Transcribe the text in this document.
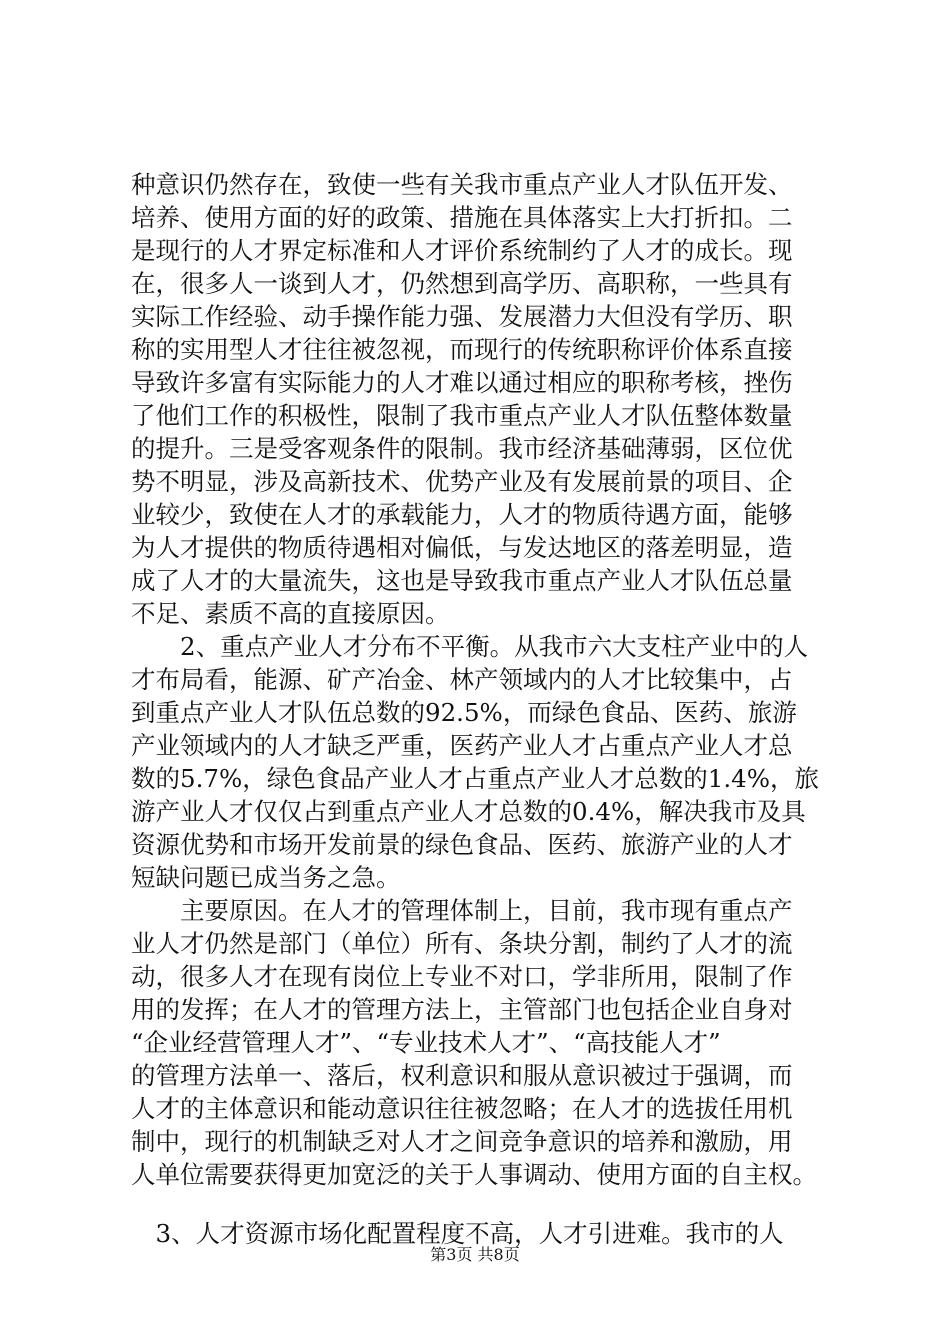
种意识仍然存在，致使一些有关我市重点产业人才队伍开发、
培养、使用方面的好的政策、措施在具体落实上大打折扣。二
是现行的人才界定标准和人才评价系统制约了人才的成长。现
在，很多人一谈到人才，仍然想到高学历、高职称，一些具有
实际工作经验、动手操作能力强、发展潜力大但没有学历、职
称的实用型人才往往被忽视，而现行的传统职称评价体系直接
导致许多富有实际能力的人才难以通过相应的职称考核，挫伤
了他们工作的积极性，限制了我市重点产业人才队伍整体数量
的提升。三是受客观条件的限制。我市经济基础薄弱，区位优
势不明显，涉及高新技术、优势产业及有发展前景的项目、企
业较少，致使在人才的承载能力，人才的物质待遇方面，能够
为人才提供的物质待遇相对偏低，与发达地区的落差明显，造
成了人才的大量流失，这也是导致我市重点产业人才队伍总量
不足、素质不高的直接原因。
　　2、重点产业人才分布不平衡。从我市六大支柱产业中的人
才布局看，能源、矿产冶金、林产领域内的人才比较集中，占
到重点产业人才队伍总数的92.5%，而绿色食品、医药、旅游
产业领域内的人才缺乏严重，医药产业人才占重点产业人才总
数的5.7%，绿色食品产业人才占重点产业人才总数的1.4%，旅
游产业人才仅仅占到重点产业人才总数的0.4%，解决我市及具
资源优势和市场开发前景的绿色食品、医药、旅游产业的人才
短缺问题已成当务之急。
　　主要原因。在人才的管理体制上，目前，我市现有重点产
业人才仍然是部门（单位）所有、条块分割，制约了人才的流
动，很多人才在现有岗位上专业不对口，学非所用，限制了作
用的发挥；在人才的管理方法上，主管部门也包括企业自身对
“企业经营管理人才”、“专业技术人才”、“高技能人才”
的管理方法单一、落后，权利意识和服从意识被过于强调，而
人才的主体意识和能动意识往往被忽略；在人才的选拔任用机
制中，现行的机制缺乏对人才之间竞争意识的培养和激励，用
人单位需要获得更加宽泛的关于人事调动、使用方面的自主权。
　3、人才资源市场化配置程度不高，人才引进难。我市的人
第3页 共8页
